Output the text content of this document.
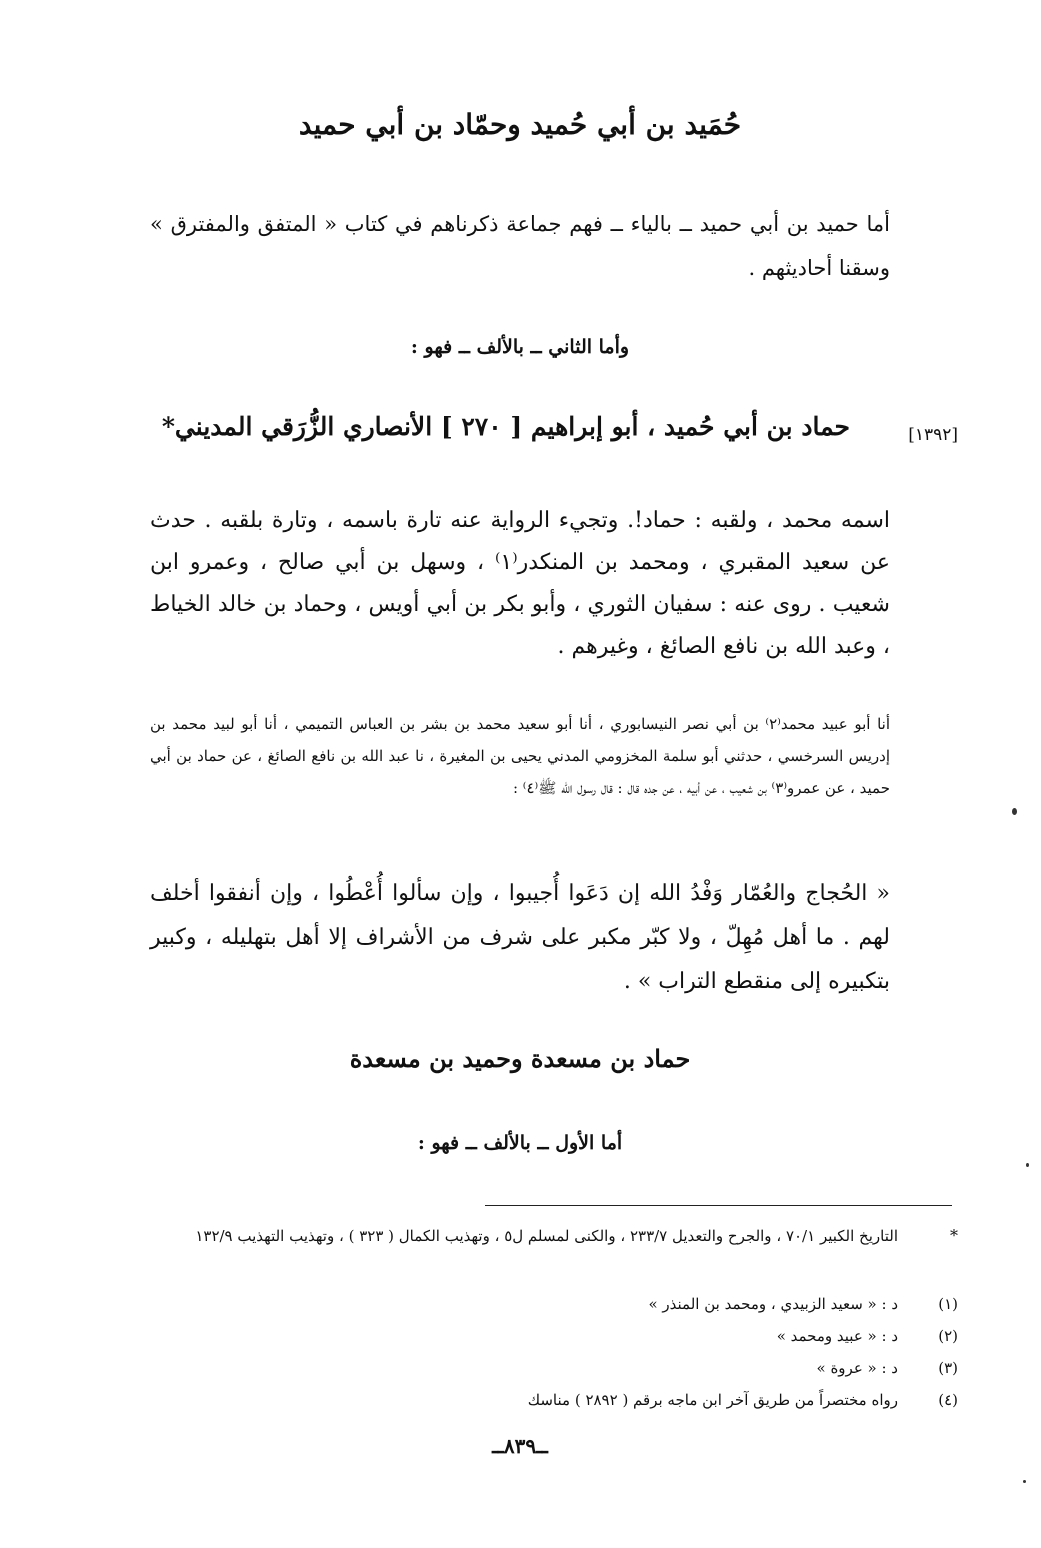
حُمَيد بن أبي حُميد وحمّاد بن أبي حميد
أما حميد بن أبي حميد ــ بالياء ــ فهم جماعة ذكرناهم في كتاب « المتفق والمفترق » وسقنا أحاديثهم .
وأما الثاني ــ بالألف ــ فهو :
[١٣٩٢]
حماد بن أبي حُميد ، أبو إبراهيم [ ٢٧٠ ] الأنصاري الزُّرَقي المديني*
اسمه محمد ، ولقبه : حماد!. وتجيء الرواية عنه تارة باسمه ، وتارة بلقبه . حدث عن سعيد المقبري ، ومحمد بن المنكدر⁽١⁾ ، وسهل بن أبي صالح ، وعمرو ابن شعيب . روى عنه : سفيان الثوري ، وأبو بكر بن أبي أويس ، وحماد بن خالد الخياط ، وعبد الله بن نافع الصائغ ، وغيرهم .
أنا أبو عبيد محمد⁽٢⁾ بن أبي نصر النيسابوري ، أنا أبو سعيد محمد بن بشر بن العباس التميمي ، أنا أبو لبيد محمد بن إدريس السرخسي ، حدثني أبو سلمة المخزومي المدني يحيى بن المغيرة ، نا عبد الله بن نافع الصائغ ، عن حماد بن أبي حميد ، عن عمرو⁽٣⁾ بن شعيب ، عن أبيه ، عن جده قال : قال رسول الله ﷺ⁽٤⁾ :
« الحُجاج والعُمّار وَفْدُ الله إن دَعَوا أُجيبوا ، وإن سألوا أُعْطُوا ، وإن أنفقوا أخلف لهم . ما أهل مُهِلّ ، ولا كبّر مكبر على شرف من الأشراف إلا أهل بتهليله ، وكبير بتكبيره إلى منقطع التراب » .
حماد بن مسعدة وحميد بن مسعدة
أما الأول ــ بالألف ــ فهو :
*
التاريخ الكبير ٧٠/١ ، والجرح والتعديل ٢٣٣/٧ ، والكنى لمسلم ل٥ ، وتهذيب الكمال ( ٣٢٣ ) ، وتهذيب التهذيب ١٣٢/٩
(١)
د : « سعيد الزبيدي ، ومحمد بن المنذر »
(٢)
د : « عبيد ومحمد »
(٣)
د : « عروة »
(٤)
رواه مختصراً من طريق آخر ابن ماجه برقم ( ٢٨٩٢ ) مناسك
ــ٨٣٩ــ
